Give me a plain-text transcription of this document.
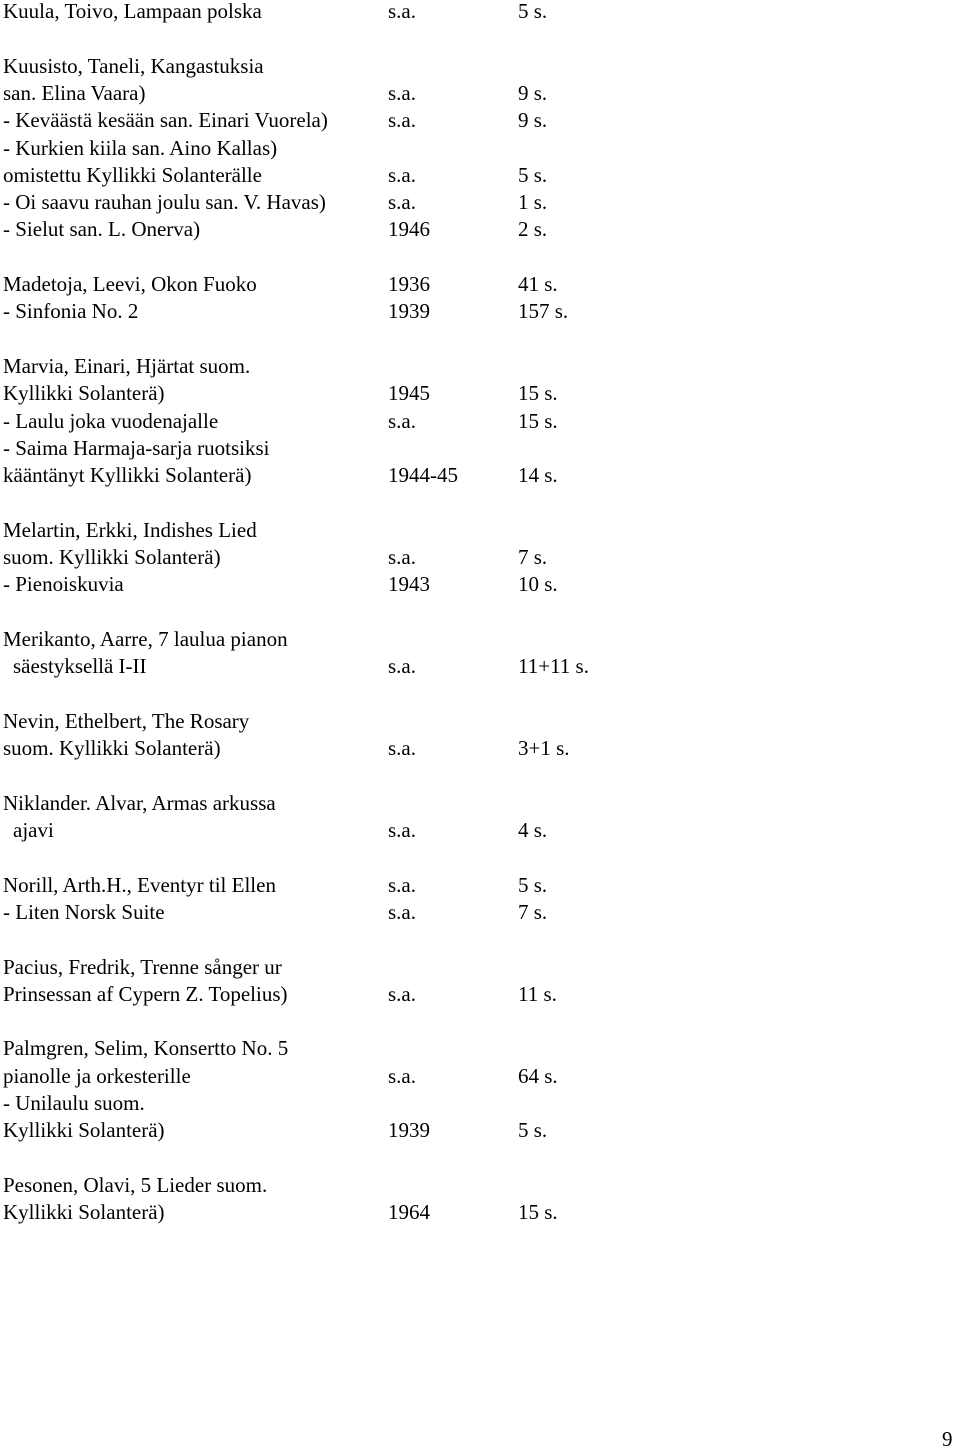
Kuula, Toivo, Lampaan polska	s.a.	5 s.
Kuusisto, Taneli, Kangastuksia
san. Elina Vaara)	s.a.	9 s.
- Keväästä kesään san. Einari Vuorela)	s.a.	9 s.
- Kurkien kiila san. Aino Kallas)
omistettu Kyllikki Solanterälle	s.a.	5 s.
- Oi saavu rauhan joulu san. V. Havas)	s.a.	1 s.
- Sielut san. L. Onerva)	1946	2 s.
Madetoja, Leevi, Okon Fuoko	1936	41 s.
- Sinfonia No. 2	1939	157 s.
Marvia, Einari, Hjärtat suom.
Kyllikki Solanterä)	1945	15 s.
- Laulu joka vuodenajalle	s.a.	15 s.
- Saima Harmaja-sarja ruotsiksi
kääntänyt Kyllikki Solanterä)	1944-45	14 s.
Melartin, Erkki, Indishes Lied
suom. Kyllikki Solanterä)	s.a.	7 s.
- Pienoiskuvia	1943	10 s.
Merikanto, Aarre, 7 laulua pianon
säestyksellä I-II	s.a.	11+11 s.
Nevin, Ethelbert, The Rosary
suom. Kyllikki Solanterä)	s.a.	3+1 s.
Niklander. Alvar, Armas arkussa
ajavi	s.a.	4 s.
Norill, Arth.H., Eventyr til Ellen	s.a.	5 s.
- Liten Norsk Suite	s.a.	7 s.
Pacius, Fredrik, Trenne sånger ur
Prinsessan af Cypern Z. Topelius)	s.a.	11 s.
Palmgren, Selim, Konsertto No. 5
pianolle ja orkesterille	s.a.	64 s.
- Unilaulu suom.
Kyllikki Solanterä)	1939	5 s.
Pesonen, Olavi, 5 Lieder suom.
Kyllikki Solanterä)	1964	15 s.
9
